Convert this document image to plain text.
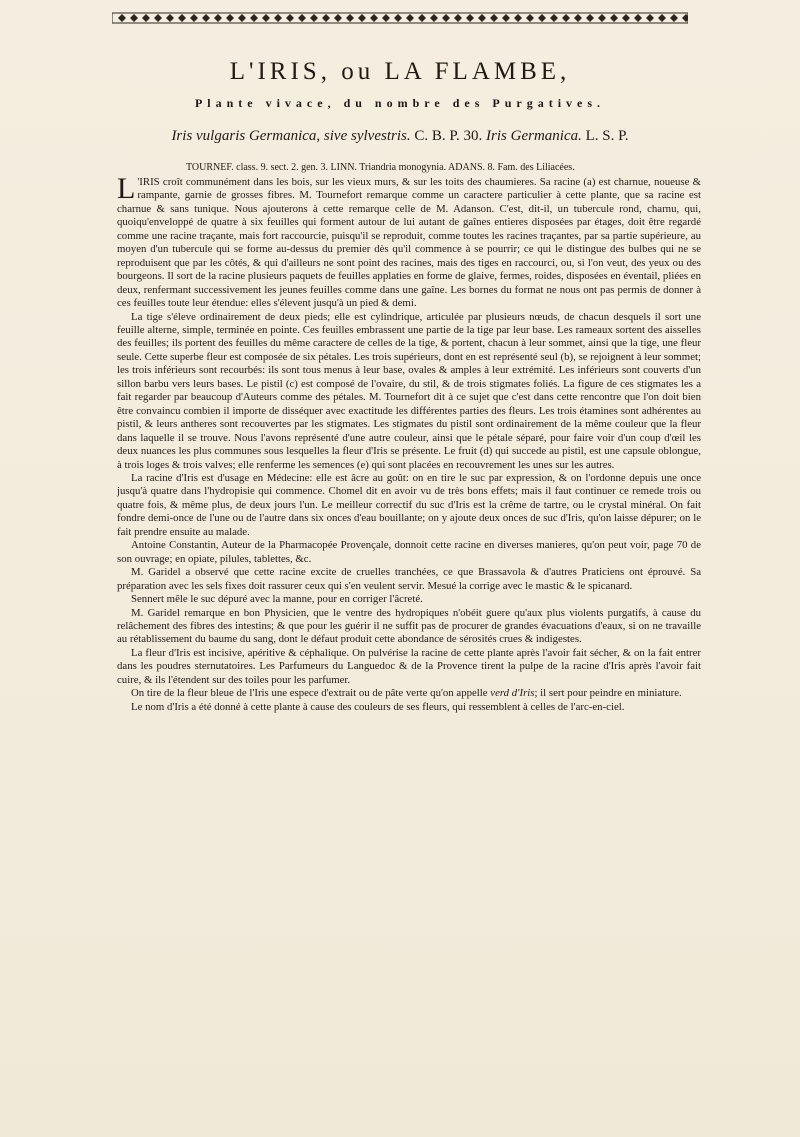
L'IRIS, ou LA FLAMBE,
Plante vivace, du nombre des Purgatives.
Iris vulgaris Germanica, sive sylvestris. C. B. P. 30. Iris Germanica. L. S. P.
TOURNEF. class. 9. sect. 2. gen. 3. LINN. Triandria monogynia. ADANS. 8. Fam. des Liliacées.

L 'IRIS croît communément dans les bois, sur les vieux murs, & sur les toits des chaumieres. Sa racine (a) est charnue, noueuse & rampante, garnie de grosses fibres. M. Tournefort remarque comme un caractere particulier à cette plante, que sa racine est charnue & sans tunique. Nous ajouterons à cette remarque celle de M. Adanson. C'est, dit-il, un tubercule rond, charnu, qui, quoiqu'enveloppé de quatre à six feuilles qui forment autour de lui autant de gaînes entieres disposées par étages, doit être regardé comme une racine traçante, mais fort raccourcie, puisqu'il se reproduit, comme toutes les racines traçantes, par sa partie supérieure, au moyen d'un tubercule qui se forme au-dessus du premier dès qu'il commence à se pourrir; ce qui le distingue des bulbes qui ne se reproduisent que par les côtés, & qui d'ailleurs ne sont point des racines, mais des tiges en raccourci, ou, si l'on veut, des yeux ou des bourgeons. Il sort de la racine plusieurs paquets de feuilles applaties en forme de glaive, fermes, roides, disposées en éventail, pliées en deux, renfermant successivement les jeunes feuilles comme dans une gaîne. Les bornes du format ne nous ont pas permis de donner à ces feuilles toute leur étendue: elles s'élevent jusqu'à un pied & demi.

La tige s'éleve ordinairement de deux pieds; elle est cylindrique, articulée par plusieurs nœuds, de chacun desquels il sort une feuille alterne, simple, terminée en pointe. Ces feuilles embrassent une partie de la tige par leur base. Les rameaux sortent des aisselles des feuilles; ils portent des feuilles du même caractere de celles de la tige, & portent, chacun à leur sommet, ainsi que la tige, une fleur seule. Cette superbe fleur est composée de six pétales. Les trois supérieurs, dont en est représenté seul (b), se rejoignent à leur sommet; les trois inférieurs sont recourbés: ils sont tous menus à leur base, ovales & amples à leur extrémité. Les inférieurs sont couverts d'un sillon barbu vers leurs bases. Le pistil (c) est composé de l'ovaire, du stil, & de trois stigmates foliés. La figure de ces stigmates les a fait regarder par beaucoup d'Auteurs comme des pétales. M. Tournefort dit à ce sujet que c'est dans cette rencontre que l'on doit bien être convaincu combien il importe de disséquer avec exactitude les différentes parties des fleurs. Les trois étamines sont adhérentes au pistil, & leurs antheres sont recouvertes par les stigmates. Les stigmates du pistil sont ordinairement de la même couleur que la fleur dans laquelle il se trouve. Nous l'avons représenté d'une autre couleur, ainsi que le pétale séparé, pour faire voir d'un coup d'œil les deux nuances les plus communes sous lesquelles la fleur d'Iris se présente. Le fruit (d) qui succede au pistil, est une capsule oblongue, à trois loges & trois valves; elle renferme les semences (e) qui sont placées en recouvrement les unes sur les autres.

La racine d'Iris est d'usage en Médecine: elle est âcre au goût: on en tire le suc par expression, & on l'ordonne depuis une once jusqu'à quatre dans l'hydropisie qui commence. Chomel dit en avoir vu de très bons effets; mais il faut continuer ce remede trois ou quatre fois, & même plus, de deux jours l'un. Le meilleur correctif du suc d'Iris est la crême de tartre, ou le crystal minéral. On fait fondre demi-once de l'une ou de l'autre dans six onces d'eau bouillante; on y ajoute deux onces de suc d'Iris, qu'on laisse dépurer; on le fait prendre ensuite au malade.

Antoine Constantin, Auteur de la Pharmacopée Provençale, donnoit cette racine en diverses manieres, qu'on peut voir, page 70 de son ouvrage; en opiate, pilules, tablettes, &c.

M. Garidel a observé que cette racine excite de cruelles tranchées, ce que Brassavola & d'autres Praticiens ont éprouvé. Sa préparation avec les sels fixes doit rassurer ceux qui s'en veulent servir. Mesué la corrige avec le mastic & le spicanard.

Sennert mêle le suc dépuré avec la manne, pour en corriger l'âcreté.

M. Garidel remarque en bon Physicien, que le ventre des hydropiques n'obéit guere qu'aux plus violents purgatifs, à cause du relâchement des fibres des intestins; & que pour les guérir il ne suffit pas de procurer de grandes évacuations d'eaux, si on ne travaille au rétablissement du baume du sang, dont le défaut produit cette abondance de sérosités crues & indigestes.

La fleur d'Iris est incisive, apéritive & céphalique. On pulvérise la racine de cette plante après l'avoir fait sécher, & on la fait entrer dans les poudres sternutatoires. Les Parfumeurs du Languedoc & de la Provence tirent la pulpe de la racine d'Iris après l'avoir fait cuire, & ils l'étendent sur des toiles pour les parfumer.

On tire de la fleur bleue de l'Iris une espece d'extrait ou de pâte verte qu'on appelle verd d'Iris; il sert pour peindre en miniature.

Le nom d'Iris a été donné à cette plante à cause des couleurs de ses fleurs, qui ressemblent à celles de l'arc-en-ciel.
